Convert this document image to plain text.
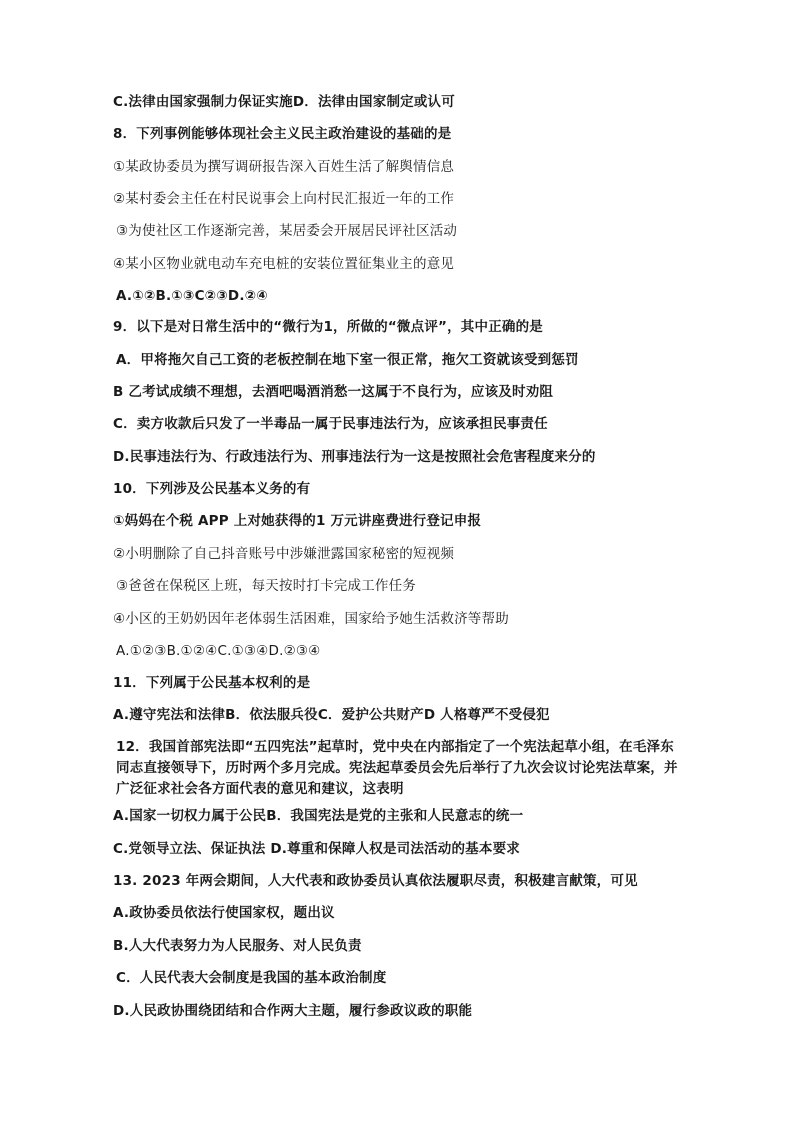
C.法律由国家强制力保证实施D．法律由国家制定或认可
8．下列事例能够体现社会主义民主政治建设的基础的是
①某政协委员为撰写调研报告深入百姓生活了解舆情信息
②某村委会主任在村民说事会上向村民汇报近一年的工作
③为使社区工作逐渐完善，某居委会开展居民评社区活动
④某小区物业就电动车充电桩的安装位置征集业主的意见
A.①②B.①③C②③D.②④
9．以下是对日常生活中的“微行为1，所做的“微点评”，其中正确的是
A．甲将拖欠自己工资的老板控制在地下室一很正常，拖欠工资就该受到惩罚
B 乙考试成绩不理想，去酒吧喝酒消愁一这属于不良行为，应该及时劝阻
C．卖方收款后只发了一半毒品一属于民事违法行为，应该承担民事责任
D.民事违法行为、行政违法行为、刑事违法行为一这是按照社会危害程度来分的
10．下列涉及公民基本义务的有
①妈妈在个税 APP 上对她获得的1 万元讲座费进行登记申报
②小明删除了自己抖音账号中涉嫌泄露国家秘密的短视频
③爸爸在保税区上班，每天按时打卡完成工作任务
④小区的王奶奶因年老体弱生活困难，国家给予她生活救济等帮助
A.①②③B.①②④C.①③④D.②③④
11．下列属于公民基本权利的是
A.遵守宪法和法律B．依法服兵役C．爱护公共财产D 人格尊严不受侵犯
12．我国首部宪法即“五四宪法”起草时，党中央在内部指定了一个宪法起草小组，在毛泽东同志直接领导下，历时两个多月完成。宪法起草委员会先后举行了九次会议讨论宪法草案，并广泛征求社会各方面代表的意见和建议，这表明
A.国家一切权力属于公民B．我国宪法是党的主张和人民意志的统一
C.党领导立法、保证执法 D.尊重和保障人权是司法活动的基本要求
13. 2023 年两会期间，人大代表和政协委员认真依法履职尽责，积极建言献策，可见
A.政协委员依法行使国家权，题出议
B.人大代表努力为人民服务、对人民负责
C．人民代表大会制度是我国的基本政治制度
D.人民政协围绕团结和合作两大主题，履行参政议政的职能
